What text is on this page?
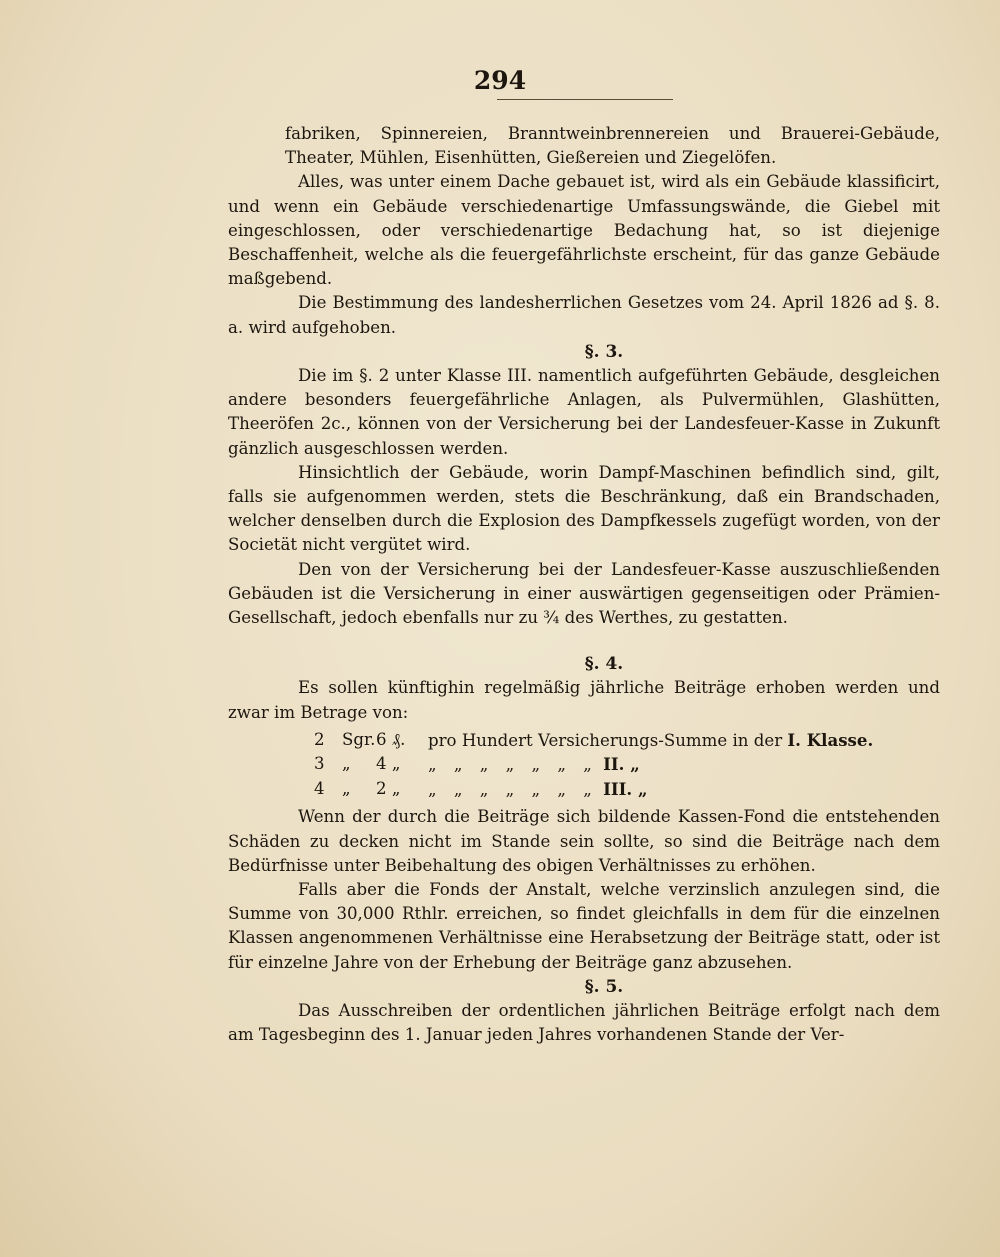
294

fabriken, Spinnereien, Branntweinbrennereien und Brauerei-Gebäude, Theater, Mühlen, Eisenhütten, Gießereien und Ziegelöfen.

Alles, was unter einem Dache gebauet ist, wird als ein Gebäude klassificirt, und wenn ein Gebäude verschiedenartige Umfassungswände, die Giebel mit eingeschlossen, oder verschiedenartige Bedachung hat, so ist diejenige Beschaffenheit, welche als die feuergefährlichste erscheint, für das ganze Gebäude maßgebend.

Die Bestimmung des landesherrlichen Gesetzes vom 24. April 1826 ad §. 8. a. wird aufgehoben.

§. 3.

Die im §. 2 unter Klasse III. namentlich aufgeführten Gebäude, desgleichen andere besonders feuergefährliche Anlagen, als Pulvermühlen, Glashütten, Theeröfen 2c., können von der Versicherung bei der Landesfeuer-Kasse in Zukunft gänzlich ausgeschlossen werden.

Hinsichtlich der Gebäude, worin Dampf-Maschinen befindlich sind, gilt, falls sie aufgenommen werden, stets die Beschränkung, daß ein Brandschaden, welcher denselben durch die Explosion des Dampfkessels zugefügt worden, von der Societät nicht vergütet wird.

Den von der Versicherung bei der Landesfeuer-Kasse auszuschließenden Gebäuden ist die Versicherung in einer auswärtigen gegenseitigen oder Prämien-Gesellschaft, jedoch ebenfalls nur zu ¾ des Werthes, zu gestatten.

§. 4.

Es sollen künftighin regelmäßig jährliche Beiträge erhoben werden und zwar im Betrage von:

2	Sgr. 6 ₰.	pro Hundert Versicherungs-Summe in der I. Klasse.
3	„	4 „	„ „ „ „ „ „ „ II. „
4	„	2 „	„ „ „ „ „ „ „ III. „

Wenn der durch die Beiträge sich bildende Kassen-Fond die entstehenden Schäden zu decken nicht im Stande sein sollte, so sind die Beiträge nach dem Bedürfnisse unter Beibehaltung des obigen Verhältnisses zu erhöhen.

Falls aber die Fonds der Anstalt, welche verzinslich anzulegen sind, die Summe von 30,000 Rthlr. erreichen, so findet gleichfalls in dem für die einzelnen Klassen angenommenen Verhältnisse eine Herabsetzung der Beiträge statt, oder ist für einzelne Jahre von der Erhebung der Beiträge ganz abzusehen.

§. 5.

Das Ausschreiben der ordentlichen jährlichen Beiträge erfolgt nach dem am Tagesbeginn des 1. Januar jeden Jahres vorhandenen Stande der Ver-
